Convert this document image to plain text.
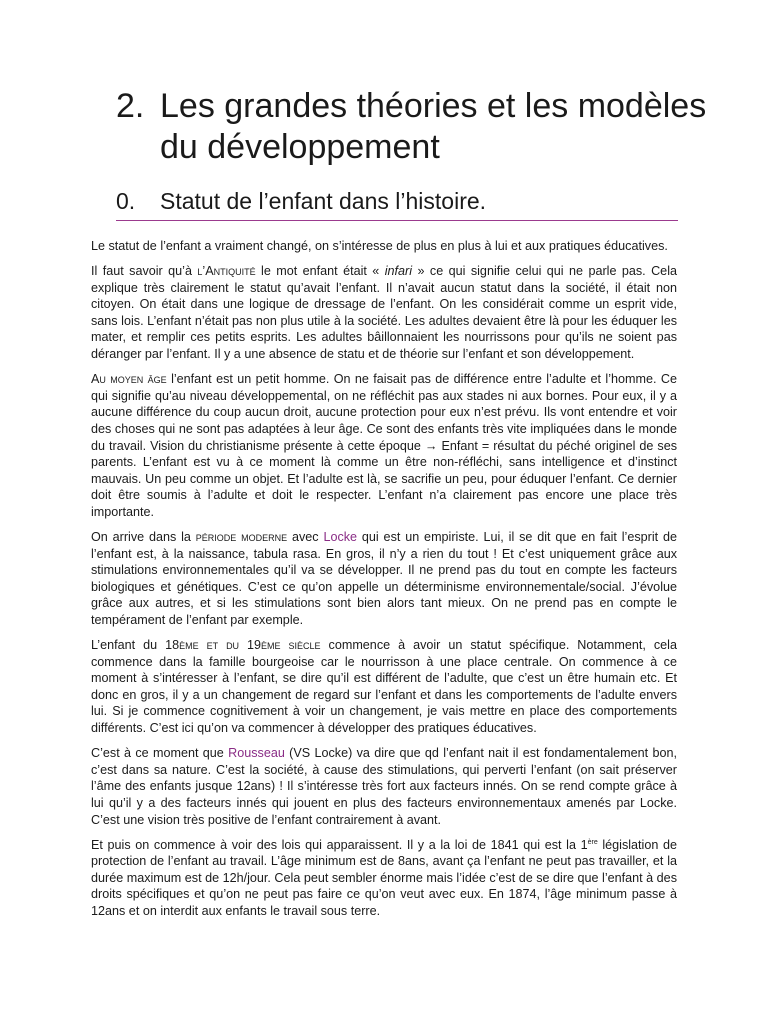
2. Les grandes théories et les modèles du développement
0.	Statut de l’enfant dans l’histoire.

Le statut de l’enfant a vraiment changé, on s’intéresse de plus en plus à lui et aux pratiques éducatives.

Il faut savoir qu’à l’Antiquité le mot enfant était « infari » ce qui signifie celui qui ne parle pas. Cela explique très clairement le statut qu’avait l’enfant. Il n’avait aucun statut dans la société, il était non citoyen. On était dans une logique de dressage de l’enfant. On les considérait comme un esprit vide, sans lois. L’enfant n’était pas non plus utile à la société. Les adultes devaient être là pour les éduquer les mater, et remplir ces petits esprits. Les adultes bâillonnaient les nourrissons pour qu’ils ne soient pas déranger par l’enfant. Il y a une absence de statu et de théorie sur l’enfant et son développement.

Au moyen âge l’enfant est un petit homme. On ne faisait pas de différence entre l’adulte et l’homme. Ce qui signifie qu’au niveau développemental, on ne réfléchit pas aux stades ni aux bornes. Pour eux, il y a aucune différence du coup aucun droit, aucune protection pour eux n’est prévu. Ils vont entendre et voir des choses qui ne sont pas adaptées à leur âge. Ce sont des enfants très vite impliquées dans le monde du travail. Vision du christianisme présente à cette époque → Enfant = résultat du péché originel de ses parents. L’enfant est vu à ce moment là comme un être non-réfléchi, sans intelligence et d’instinct mauvais. Un peu comme un objet. Et l’adulte est là, se sacrifie un peu, pour éduquer l’enfant. Ce dernier doit être soumis à l’adulte et doit le respecter. L’enfant n’a clairement pas encore une place très importante.

On arrive dans la période moderne avec Locke qui est un empiriste. Lui, il se dit que en fait l’esprit de l’enfant est, à la naissance, tabula rasa. En gros, il n’y a rien du tout ! Et c’est uniquement grâce aux stimulations environnementales qu’il va se développer. Il ne prend pas du tout en compte les facteurs biologiques et génétiques. C’est ce qu’on appelle un déterminisme environnementale/social. J’évolue grâce aux autres, et si les stimulations sont bien alors tant mieux. On ne prend pas en compte le tempérament de l’enfant par exemple.

L’enfant du 18ème et du 19ème siècle commence à avoir un statut spécifique. Notamment, cela commence dans la famille bourgeoise car le nourrisson à une place centrale. On commence à ce moment à s’intéresser à l’enfant, se dire qu’il est différent de l’adulte, que c’est un être humain etc. Et donc en gros, il y a un changement de regard sur l’enfant et dans les comportements de l’adulte envers lui. Si je commence cognitivement à voir un changement, je vais mettre en place des comportements différents. C’est ici qu’on va commencer à développer des pratiques éducatives.

C’est à ce moment que Rousseau (VS Locke) va dire que qd l’enfant nait il est fondamentalement bon, c’est dans sa nature. C’est la société, à cause des stimulations, qui perverti l’enfant (on sait préserver l’âme des enfants jusque 12ans) ! Il s’intéresse très fort aux facteurs innés. On se rend compte grâce à lui qu’il y a des facteurs innés qui jouent en plus des facteurs environnementaux amenés par Locke. C’est une vision très positive de l’enfant contrairement à avant.

Et puis on commence à voir des lois qui apparaissent. Il y a la loi de 1841 qui est la 1ère législation de protection de l’enfant au travail. L’âge minimum est de 8ans, avant ça l’enfant ne peut pas travailler, et la durée maximum est de 12h/jour. Cela peut sembler énorme mais l’idée c’est de se dire que l’enfant à des droits spécifiques et qu’on ne peut pas faire ce qu’on veut avec eux. En 1874, l’âge minimum passe à 12ans et on interdit aux enfants le travail sous terre.
